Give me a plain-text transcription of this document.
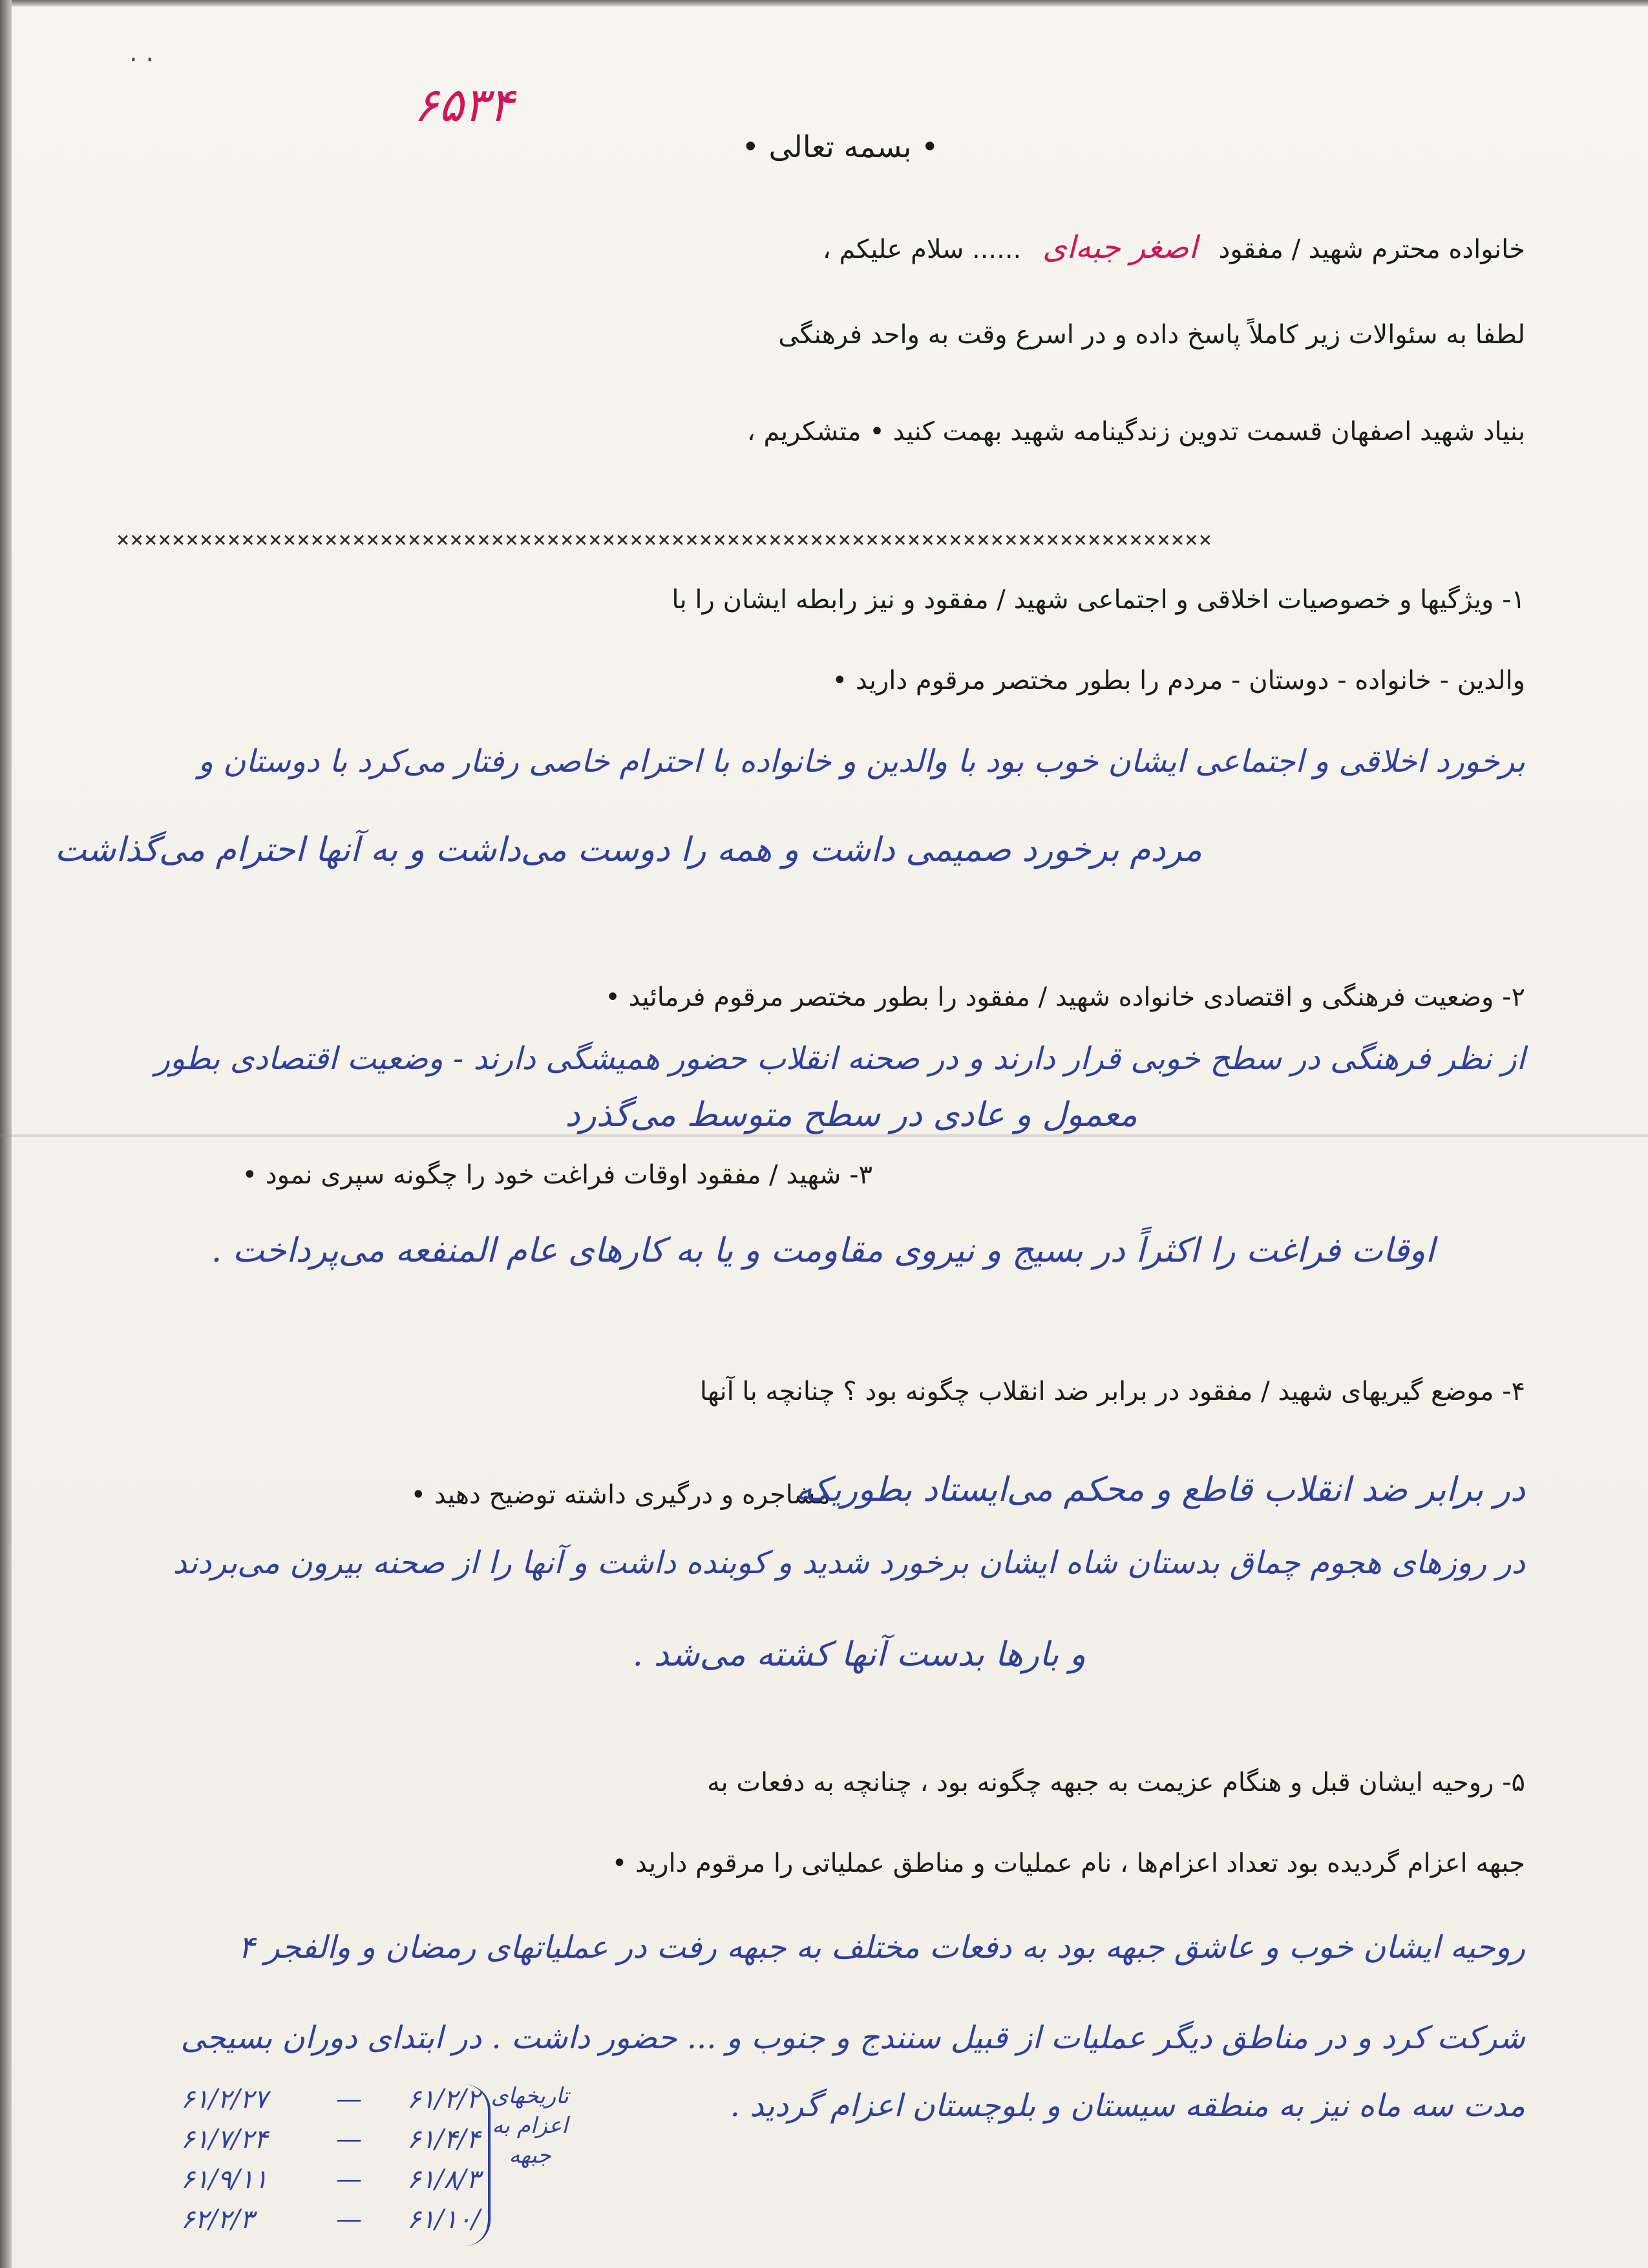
· ·
۶۵۳۴
• بسمه تعالی •
خانواده محترم شهید / مفقود اصغر جبه‌ای ...... سلام علیکم ،
لطفا به سئوالات زیر کاملاً پاسخ داده و در اسرع وقت به واحد فرهنگی
بنیاد شهید اصفهان قسمت تدوین زندگینامه شهید بهمت کنید • متشکریم ،
×××××××××××××××××××××××××××××××××××××××××××××××××××××××××××××××××××××××××××××××
۱- ویژگیها و خصوصیات اخلاقی و اجتماعی شهید / مفقود و نیز رابطه ایشان را با
والدین - خانواده - دوستان - مردم را بطور مختصر مرقوم دارید •
برخورد اخلاقی و اجتماعی ایشان خوب بود با والدین و خانواده با احترام خاصی رفتار می‌کرد با دوستان و
مردم برخورد صمیمی داشت و همه را دوست می‌داشت و به آنها احترام می‌گذاشت
۲- وضعیت فرهنگی و اقتصادی خانواده شهید / مفقود را بطور مختصر مرقوم فرمائید •
از نظر فرهنگی در سطح خوبی قرار دارند و در صحنه انقلاب حضور همیشگی دارند - وضعیت اقتصادی بطور
معمول و عادی در سطح متوسط می‌گذرد
۳- شهید / مفقود اوقات فراغت خود را چگونه سپری نمود •
اوقات فراغت را اکثراً در بسیج و نیروی مقاومت و یا به کارهای عام المنفعه می‌پرداخت .
۴- موضع گیریهای شهید / مفقود در برابر ضد انقلاب چگونه بود ؟ چنانچه با آنها
مشاجره و درگیری داشته توضیح دهید •
در برابر ضد انقلاب قاطع و محکم می‌ایستاد بطوریکه
در روزهای هجوم چماق بدستان شاه ایشان برخورد شدید و کوبنده داشت و آنها را از صحنه بیرون می‌بردند
و بارها بدست آنها کشته می‌شد .
۵- روحیه ایشان قبل و هنگام عزیمت به جبهه چگونه بود ، چنانچه به دفعات به
جبهه اعزام گردیده بود تعداد اعزام‌ها ، نام عملیات و مناطق عملیاتی را مرقوم دارید •
روحیه ایشان خوب و عاشق جبهه بود به دفعات مختلف به جبهه رفت در عملیاتهای رمضان و والفجر ۴
شرکت کرد و در مناطق دیگر عملیات از قبیل سنندج و جنوب و ... حضور داشت . در ابتدای دوران بسیجی
مدت سه ماه نیز به منطقه سیستان و بلوچستان اعزام گردید .
تاریخهای اعزام به جبهه
۶۱/۲/۲۷	— ۶۱/۲/۲
۶۱/۷/۲۴	— ۶۱/۴/۴
۶۱/۹/۱۱	— ۶۱/۸/۳
۶۲/۲/۳	— ۶۱/۱۰/۱
